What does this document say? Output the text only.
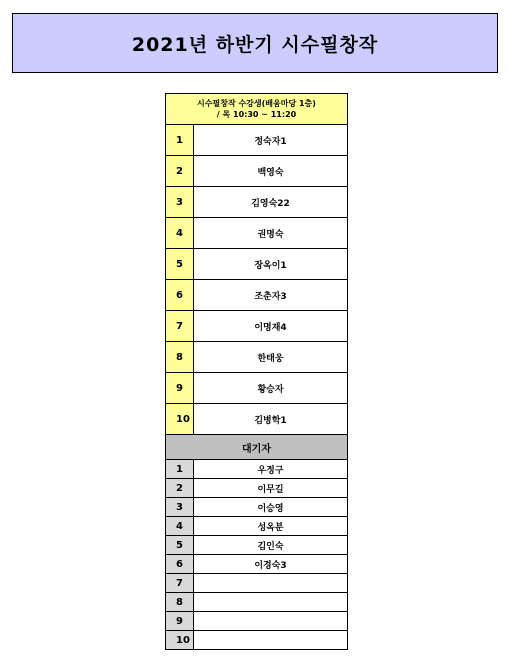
2021년 하반기 시수필창작
시수필창작 수강생(배움마당 1층)
/ 목 10:30 ~ 11:20	

1	정숙자1
2	백영숙
3	김영숙22
4	권명숙
5	장옥이1
6	조춘자3
7	이명재4
8	한태웅
9	황승자
10	김병학1
대기자	
1	우정구
2	이무길
3	이승영
4	성옥분
5	김인숙
6	이경숙3
7	
8	
9	
10	
